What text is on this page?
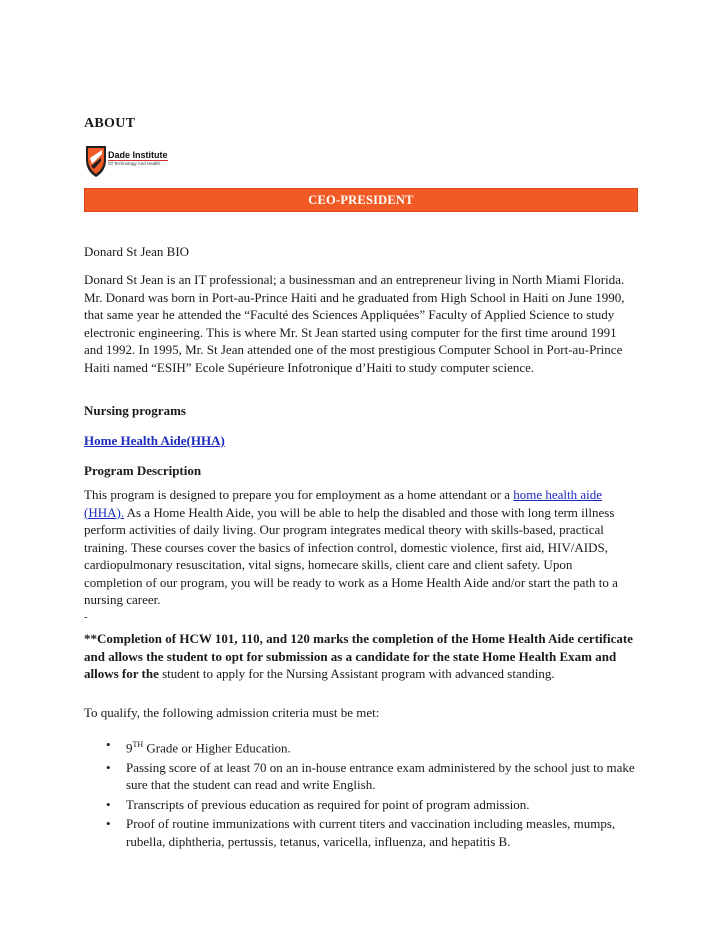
ABOUT
Dade Institute
Of Technology And Health
CEO-PRESIDENT
Donard St Jean BIO
Donard St Jean is an IT professional; a businessman and an entrepreneur living in North Miami Florida. Mr. Donard was born in Port-au-Prince Haiti and he graduated from High School in Haiti on June 1990, that same year he attended the “Faculté des Sciences Appliquées” Faculty of Applied Science to study electronic engineering. This is where Mr. St Jean started using computer for the first time around 1991 and 1992. In 1995, Mr. St Jean attended one of the most prestigious Computer School in Port-au-Prince Haiti named “ESIH” Ecole Supérieure Infotronique d’Haiti to study computer science.
Nursing programs
Home Health Aide(HHA)
Program Description
This program is designed to prepare you for employment as a home attendant or a home health aide (HHA). As a Home Health Aide, you will be able to help the disabled and those with long term illness perform activities of daily living. Our program integrates medical theory with skills-based, practical training. These courses cover the basics of infection control, domestic violence, first aid, HIV/AIDS, cardiopulmonary resuscitation, vital signs, homecare skills, client care and client safety. Upon completion of our program, you will be ready to work as a Home Health Aide and/or start the path to a nursing career.
-
**Completion of HCW 101, 110, and 120 marks the completion of the Home Health Aide certificate and allows the student to opt for submission as a candidate for the state Home Health Exam and allows for the student to apply for the Nursing Assistant program with advanced standing.
To qualify, the following admission criteria must be met:
• 9TH Grade or Higher Education.
• Passing score of at least 70 on an in-house entrance exam administered by the school just to make sure that the student can read and write English.
• Transcripts of previous education as required for point of program admission.
• Proof of routine immunizations with current titers and vaccination including measles, mumps, rubella, diphtheria, pertussis, tetanus, varicella, influenza, and hepatitis B.
